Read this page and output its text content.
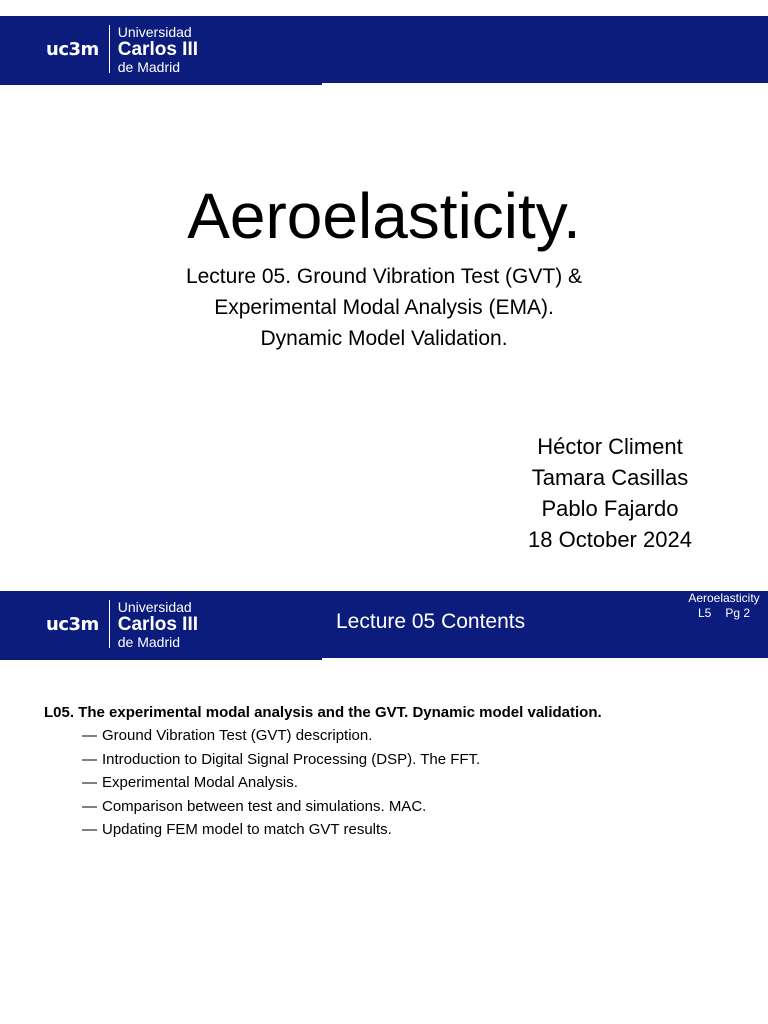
uc3m
Universidad
Carlos III
de Madrid
Aeroelasticity.
Lecture 05. Ground Vibration Test (GVT) &
Experimental Modal Analysis (EMA).
Dynamic Model Validation.
Héctor Climent
Tamara Casillas
Pablo Fajardo
18 October 2024
uc3m
Universidad
Carlos III
de Madrid
Lecture 05 Contents
Aeroelasticity
L5 Pg 2
L05. The experimental modal analysis and the GVT. Dynamic model validation.
— Ground Vibration Test (GVT) description.
— Introduction to Digital Signal Processing (DSP). The FFT.
— Experimental Modal Analysis.
— Comparison between test and simulations. MAC.
— Updating FEM model to match GVT results.
